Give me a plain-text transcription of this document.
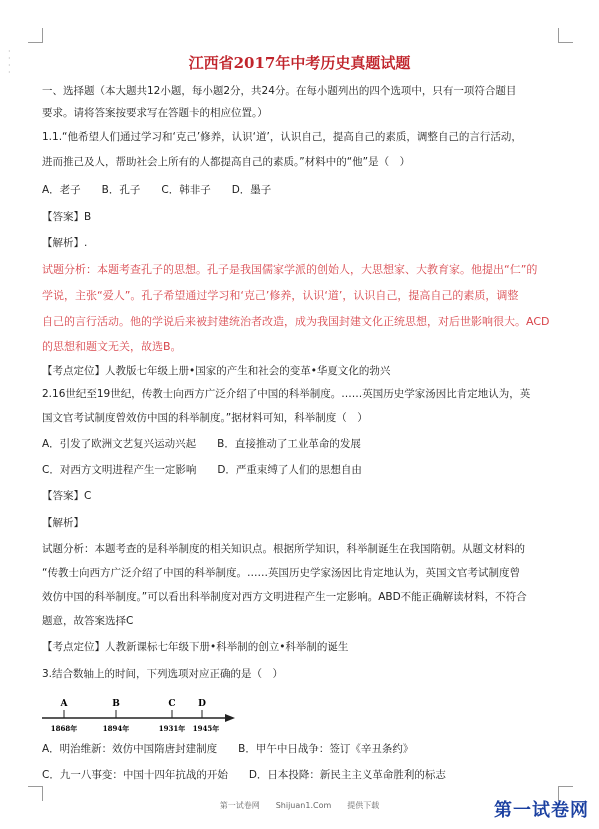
·
·
·
·
江西省2017年中考历史真题试题
一、选择题（本大题共12小题，每小题2分，共24分。在每小题列出的四个选项中，只有一项符合题目
要求。请将答案按要求写在答题卡的相应位置。）
1.1.“他希望人们通过学习和‘克己’修养，认识‘道’，认识自己，提高自己的素质，调整自己的言行活动，
进而推己及人，帮助社会上所有的人都提高自己的素质。”材料中的“他”是（　）
A．老子　　B．孔子　　C．韩非子　　D．墨子
【答案】B
【解析】.
试题分析：本题考查孔子的思想。孔子是我国儒家学派的创始人，大思想家、大教育家。他提出“仁”的
学说，主张“爱人”。孔子希望通过学习和‘克己’修养，认识‘道’，认识自己，提高自己的素质，调整
自己的言行活动。他的学说后来被封建统治者改造，成为我国封建文化正统思想，对后世影响很大。ACD
的思想和题文无关，故选B。
【考点定位】人教版七年级上册•国家的产生和社会的变革•华夏文化的勃兴
2.16世纪至19世纪，传教士向西方广泛介绍了中国的科举制度。……英国历史学家汤因比肯定地认为，英
国文官考试制度曾效仿中国的科举制度。”据材料可知，科举制度（　）
A．引发了欧洲文艺复兴运动兴起　　B．直接推动了工业革命的发展
C．对西方文明进程产生一定影响　　D．严重束缚了人们的思想自由
【答案】C
【解析】
试题分析：本题考查的是科举制度的相关知识点。根据所学知识，科举制诞生在我国隋朝。从题文材料的
“传教士向西方广泛介绍了中国的科举制度。……英国历史学家汤因比肯定地认为，英国文官考试制度曾
效仿中国的科举制度。”可以看出科举制度对西方文明进程产生一定影响。ABD不能正确解读材料，不符合
题意，故答案选择C
【考点定位】人教新课标七年级下册•科举制的创立•科举制的诞生
3.结合数轴上的时间，下列选项对应正确的是（　）
A	B	C	D
1868年	1894年	1931年 1945年
A．明治维新：效仿中国隋唐封建制度　　B．甲午中日战争：签订《辛丑条约》
C．九一八事变：中国十四年抗战的开始　　D．日本投降：新民主主义革命胜利的标志
第一试卷网　　Shijuan1.Com　　提供下载	第一试卷网
